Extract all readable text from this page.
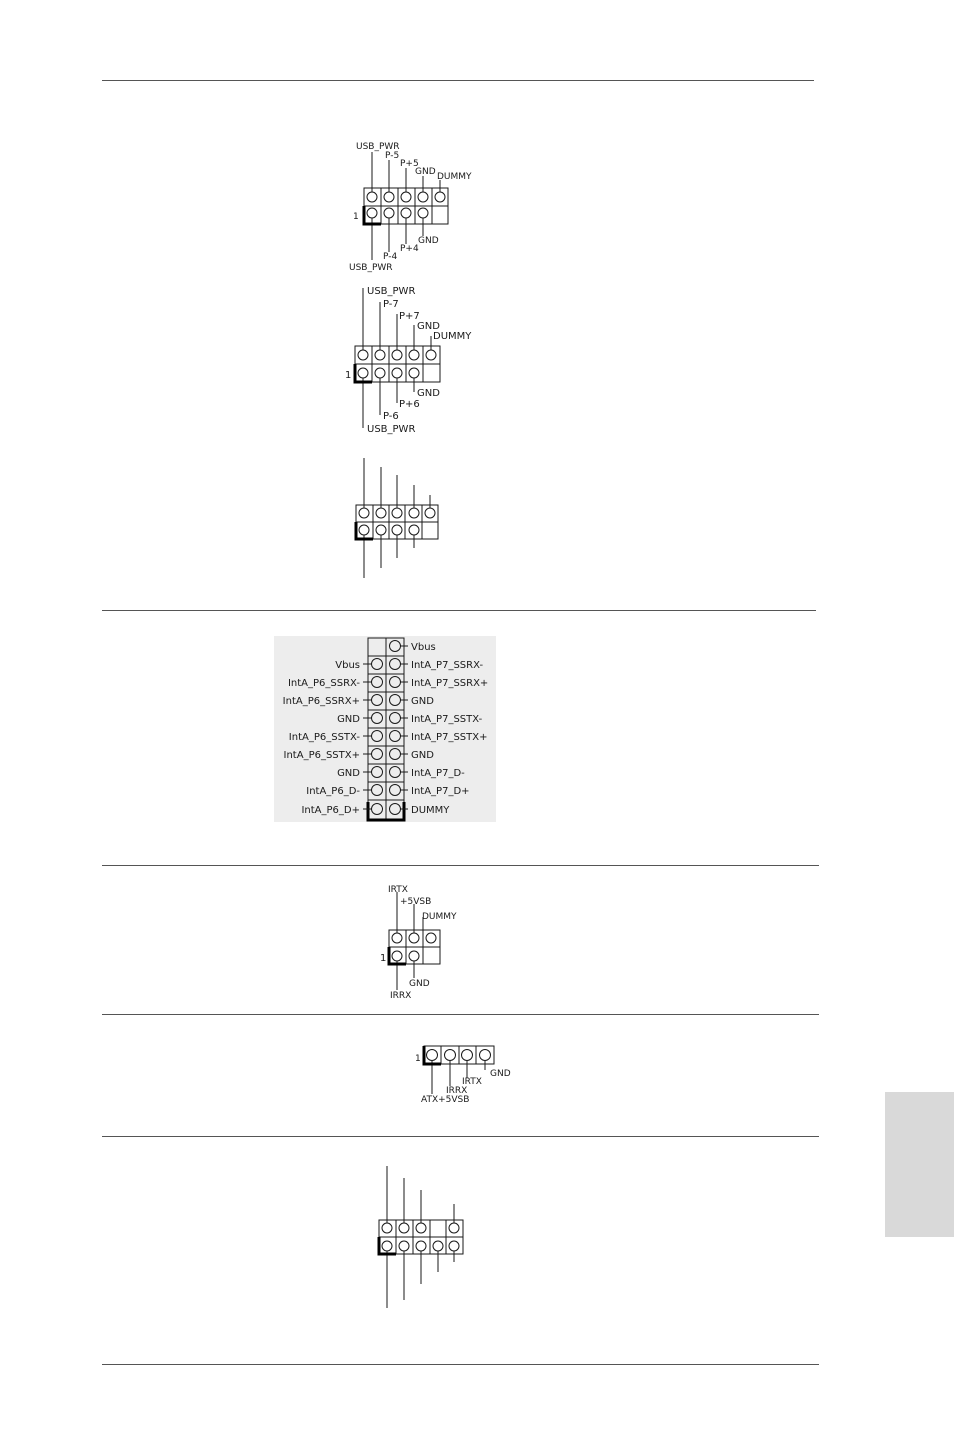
1
USB_PWR
P-5
P+5
GND DUMMY
USB_PWR
P-4
P+4
GND
1
USB_PWR
P-7
P+7
GND
DUMMY
USB_PWR
P-6
P+6
GND
Vbus
IntA_P7_SSRX-
IntA_P7_SSRX+
GND
IntA_P7_SSTX-
IntA_P7_SSTX+
GND
IntA_P7_D-
IntA_P7_D+
DUMMY
Vbus
IntA_P6_SSRX-
IntA_P6_SSRX+
GND
IntA_P6_SSTX-
IntA_P6_SSTX+
GND
IntA_P6_D-
IntA_P6_D+
1
IRTX
+5VSB
DUMMY
IRRX
GND
1
GND
IRTX
IRRX
ATX+5VSB
